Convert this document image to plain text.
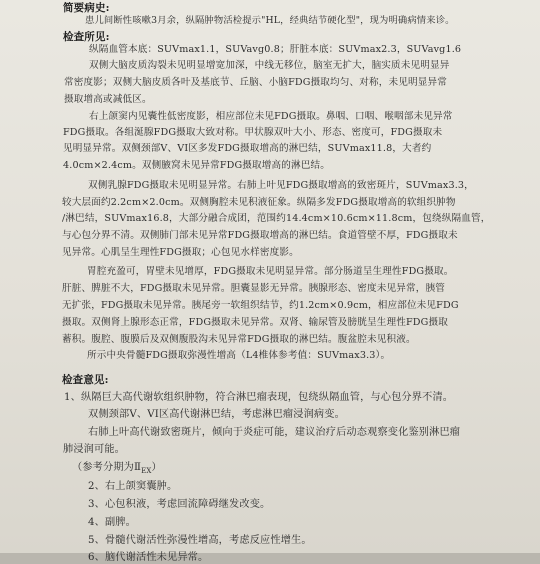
简要病史:
患儿间断性咳嗽3月余，纵隔肿物活检提示"HL，经典结节硬化型"，现为明确病情来诊。
检查所见:
纵隔血管本底：SUVmax1.1，SUVavg0.8；肝脏本底：SUVmax2.3，SUVavg1.6
双侧大脑皮质沟裂未见明显增宽加深，中线无移位，脑室无扩大，脑实质未见明显异
常密度影；双侧大脑皮质各叶及基底节、丘脑、小脑FDG摄取均匀、对称，未见明显异常
摄取增高或减低区。
右上颌窦内见囊性低密度影，相应部位未见FDG摄取。鼻咽、口咽、喉咽部未见异常
FDG摄取。各组涎腺FDG摄取大致对称。甲状腺双叶大小、形态、密度可，FDG摄取未
见明显异常。双侧颈部V、VI区多发FDG摄取增高的淋巴结，SUVmax11.8，大者约
4.0cm×2.4cm。双侧腋窝未见异常FDG摄取增高的淋巴结。
双侧乳腺FDG摄取未见明显异常。右肺上叶见FDG摄取增高的致密斑片，SUVmax3.3，
较大层面约2.2cm×2.0cm。双侧胸腔未见积液征象。纵隔多发FDG摄取增高的软组织肿物
/淋巴结，SUVmax16.8，大部分融合成团，范围约14.4cm×10.6cm×11.8cm，包绕纵隔血管，
与心包分界不清。双侧肺门部未见异常FDG摄取增高的淋巴结。食道管壁不厚，FDG摄取未
见异常。心肌呈生理性FDG摄取；心包见水样密度影。
胃腔充盈可，胃壁未见增厚，FDG摄取未见明显异常。部分肠道呈生理性FDG摄取。
肝脏、脾脏不大，FDG摄取未见异常。胆囊显影无异常。胰腺形态、密度未见异常，胰管
无扩张，FDG摄取未见异常。胰尾旁一软组织结节，约1.2cm×0.9cm，相应部位未见FDG
摄取。双侧肾上腺形态正常，FDG摄取未见异常。双肾、输尿管及膀胱呈生理性FDG摄取
蓄积。腹腔、腹膜后及双侧腹股沟未见异常FDG摄取的淋巴结。腹盆腔未见积液。
所示中央骨髓FDG摄取弥漫性增高（L4椎体参考值：SUVmax3.3）。
检查意见:
1、纵隔巨大高代谢软组织肿物，符合淋巴瘤表现，包绕纵隔血管，与心包分界不清。
双侧颈部V、VI区高代谢淋巴结，考虑淋巴瘤浸润病变。
右肺上叶高代谢致密斑片，倾向于炎症可能，建议治疗后动态观察变化鉴别淋巴瘤
肺浸润可能。
（参考分期为$Ⅱ_{EX}$）
2、右上颌窦囊肿。
3、心包积液，考虑回流障碍继发改变。
4、副脾。
5、骨髓代谢活性弥漫性增高，考虑反应性增生。
6、脑代谢活性未见异常。
